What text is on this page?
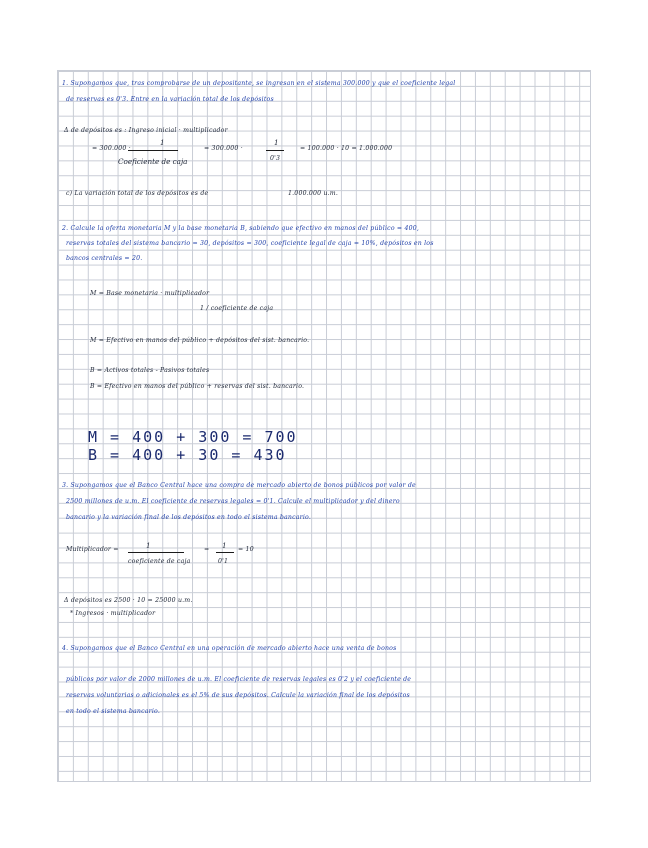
1. Supongamos que, tras comprobarse de un depositante, se ingresan en el sistema 300.000 y que el coeficiente legal
de reservas es 0'3. Entre en la variación total de los depósitos
Δ de depósitos es : Ingreso inicial · multiplicador
= 300.000 ·
1
Coeficiente de caja
= 300.000 ·
1
0'3
= 100.000 · 10 = 1.000.000
c) La variación total de los depósitos es de	1.000.000 u.m.
2. Calcule la oferta monetaria M y la base monetaria B, sabiendo que efectivo en manos del público = 400,
reservas totales del sistema bancario = 30, depósitos = 300, coeficiente legal de caja = 10%, depósitos en los
bancos centrales = 20.
M = Base monetaria · multiplicador
1 / coeficiente de caja
M = Efectivo en manos del público + depósitos del sist. bancario.
B = Activos totales - Pasivos totales
B = Efectivo en manos del público + reservas del sist. bancario.
M = 400 + 300 = 700
B = 400 + 30 = 430
3. Supongamos que el Banco Central hace una compra de mercado abierto de bonos públicos por valor de
2500 millones de u.m. El coeficiente de reservas legales = 0'1. Calcule el multiplicador y del dinero
bancario y la variación final de los depósitos en todo el sistema bancario.
Multiplicador =	1
coeficiente de caja
= 1
0'1
= 10
Δ depósitos es 2500 · 10 = 25000 u.m.
* Ingresos · multiplicador
4. Supongamos que el Banco Central en una operación de mercado abierto hace una venta de bonos
públicos por valor de 2000 millones de u.m. El coeficiente de reservas legales es 0'2 y el coeficiente de
reservas voluntarias o adicionales es el 5% de sus depósitos. Calcule la variación final de los depósitos
en todo el sistema bancario.
